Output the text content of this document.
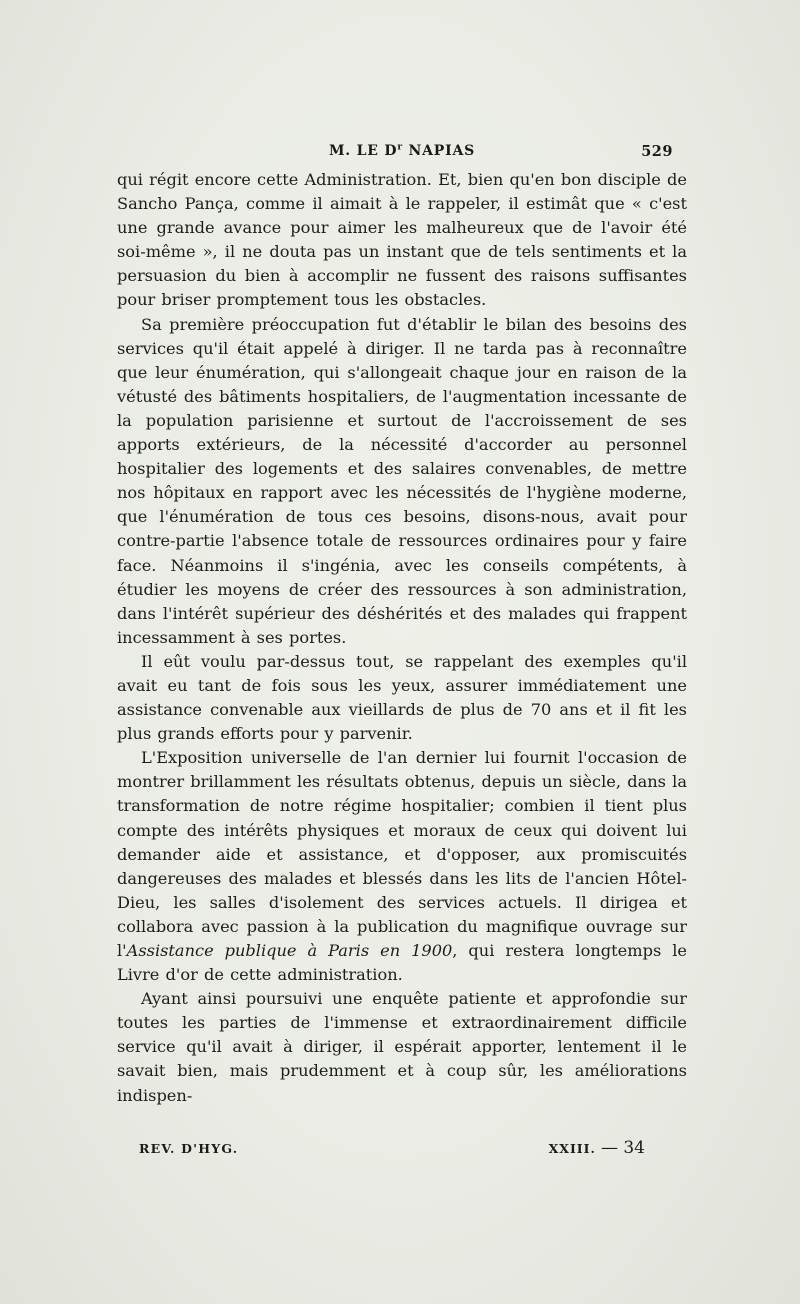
M. LE $D^r$ NAPIAS	529

qui régit encore cette Administration. Et, bien qu'en bon disciple de Sancho Pança, comme il aimait à le rappeler, il estimât que « c'est une grande avance pour aimer les malheureux que de l'avoir été soi-même », il ne douta pas un instant que de tels sentiments et la persuasion du bien à accomplir ne fussent des raisons suffisantes pour briser promptement tous les obstacles.

Sa première préoccupation fut d'établir le bilan des besoins des services qu'il était appelé à diriger. Il ne tarda pas à reconnaître que leur énumération, qui s'allongeait chaque jour en raison de la vétusté des bâtiments hospitaliers, de l'augmentation incessante de la population parisienne et surtout de l'accroissement de ses apports extérieurs, de la nécessité d'accorder au personnel hospitalier des logements et des salaires convenables, de mettre nos hôpitaux en rapport avec les nécessités de l'hygiène moderne, que l'énumération de tous ces besoins, disons-nous, avait pour contre-partie l'absence totale de ressources ordinaires pour y faire face. Néanmoins il s'ingénia, avec les conseils compétents, à étudier les moyens de créer des ressources à son administration, dans l'intérêt supérieur des déshérités et des malades qui frappent incessamment à ses portes.

Il eût voulu par-dessus tout, se rappelant des exemples qu'il avait eu tant de fois sous les yeux, assurer immédiatement une assistance convenable aux vieillards de plus de 70 ans et il fit les plus grands efforts pour y parvenir.

L'Exposition universelle de l'an dernier lui fournit l'occasion de montrer brillamment les résultats obtenus, depuis un siècle, dans la transformation de notre régime hospitalier; combien il tient plus compte des intérêts physiques et moraux de ceux qui doivent lui demander aide et assistance, et d'opposer, aux promiscuités dangereuses des malades et blessés dans les lits de l'ancien Hôtel-Dieu, les salles d'isolement des services actuels. Il dirigea et collabora avec passion à la publication du magnifique ouvrage sur l'Assistance publique à Paris en 1900, qui restera longtemps le Livre d'or de cette administration.

Ayant ainsi poursuivi une enquête patiente et approfondie sur toutes les parties de l'immense et extraordinairement difficile service qu'il avait à diriger, il espérait apporter, lentement il le savait bien, mais prudemment et à coup sûr, les améliorations indispen-

REV. D'HYG.	XXIII. — 34
